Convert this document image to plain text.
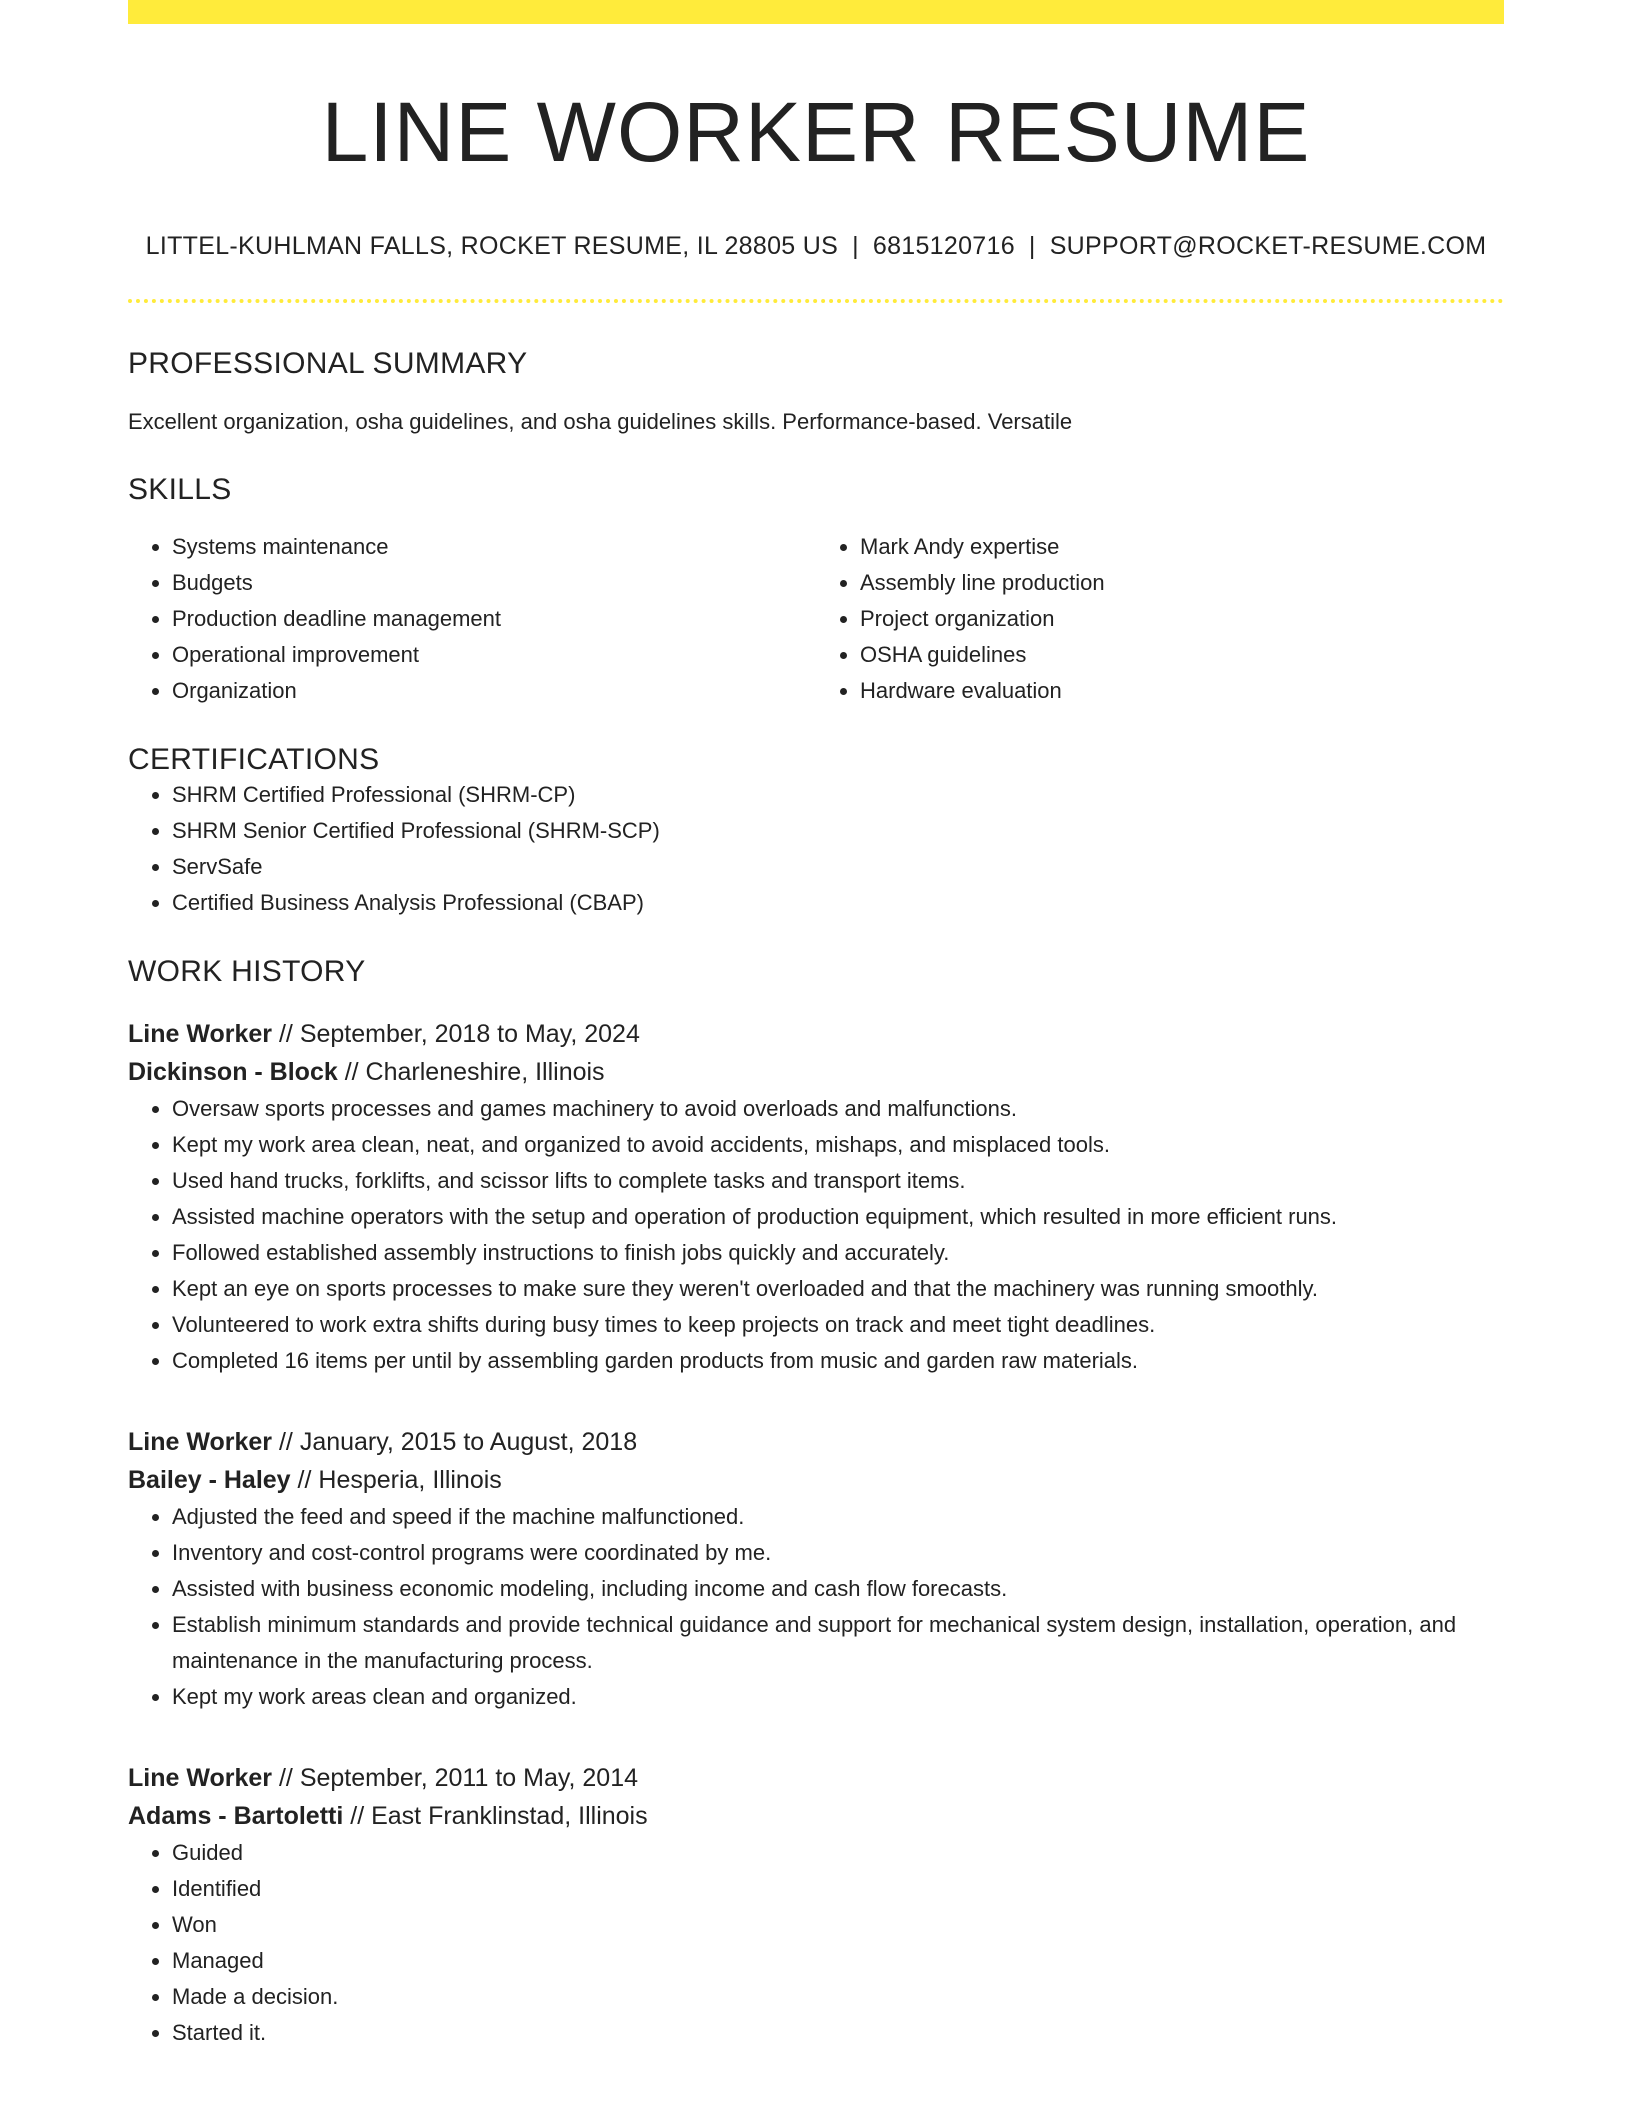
LINE WORKER RESUME
LITTEL-KUHLMAN FALLS, ROCKET RESUME, IL 28805 US | 6815120716 | SUPPORT@ROCKET-RESUME.COM
PROFESSIONAL SUMMARY
Excellent organization, osha guidelines, and osha guidelines skills. Performance-based. Versatile
SKILLS
• Systems maintenance
• Budgets
• Production deadline management
• Operational improvement
• Organization
• Mark Andy expertise
• Assembly line production
• Project organization
• OSHA guidelines
• Hardware evaluation
CERTIFICATIONS
• SHRM Certified Professional (SHRM-CP)
• SHRM Senior Certified Professional (SHRM-SCP)
• ServSafe
• Certified Business Analysis Professional (CBAP)
WORK HISTORY
Line Worker // September, 2018 to May, 2024
Dickinson - Block // Charleneshire, Illinois
• Oversaw sports processes and games machinery to avoid overloads and malfunctions.
• Kept my work area clean, neat, and organized to avoid accidents, mishaps, and misplaced tools.
• Used hand trucks, forklifts, and scissor lifts to complete tasks and transport items.
• Assisted machine operators with the setup and operation of production equipment, which resulted in more efficient runs.
• Followed established assembly instructions to finish jobs quickly and accurately.
• Kept an eye on sports processes to make sure they weren't overloaded and that the machinery was running smoothly.
• Volunteered to work extra shifts during busy times to keep projects on track and meet tight deadlines.
• Completed 16 items per until by assembling garden products from music and garden raw materials.
Line Worker // January, 2015 to August, 2018
Bailey - Haley // Hesperia, Illinois
• Adjusted the feed and speed if the machine malfunctioned.
• Inventory and cost-control programs were coordinated by me.
• Assisted with business economic modeling, including income and cash flow forecasts.
• Establish minimum standards and provide technical guidance and support for mechanical system design, installation, operation, and maintenance in the manufacturing process.
• Kept my work areas clean and organized.
Line Worker // September, 2011 to May, 2014
Adams - Bartoletti // East Franklinstad, Illinois
• Guided
• Identified
• Won
• Managed
• Made a decision.
• Started it.
